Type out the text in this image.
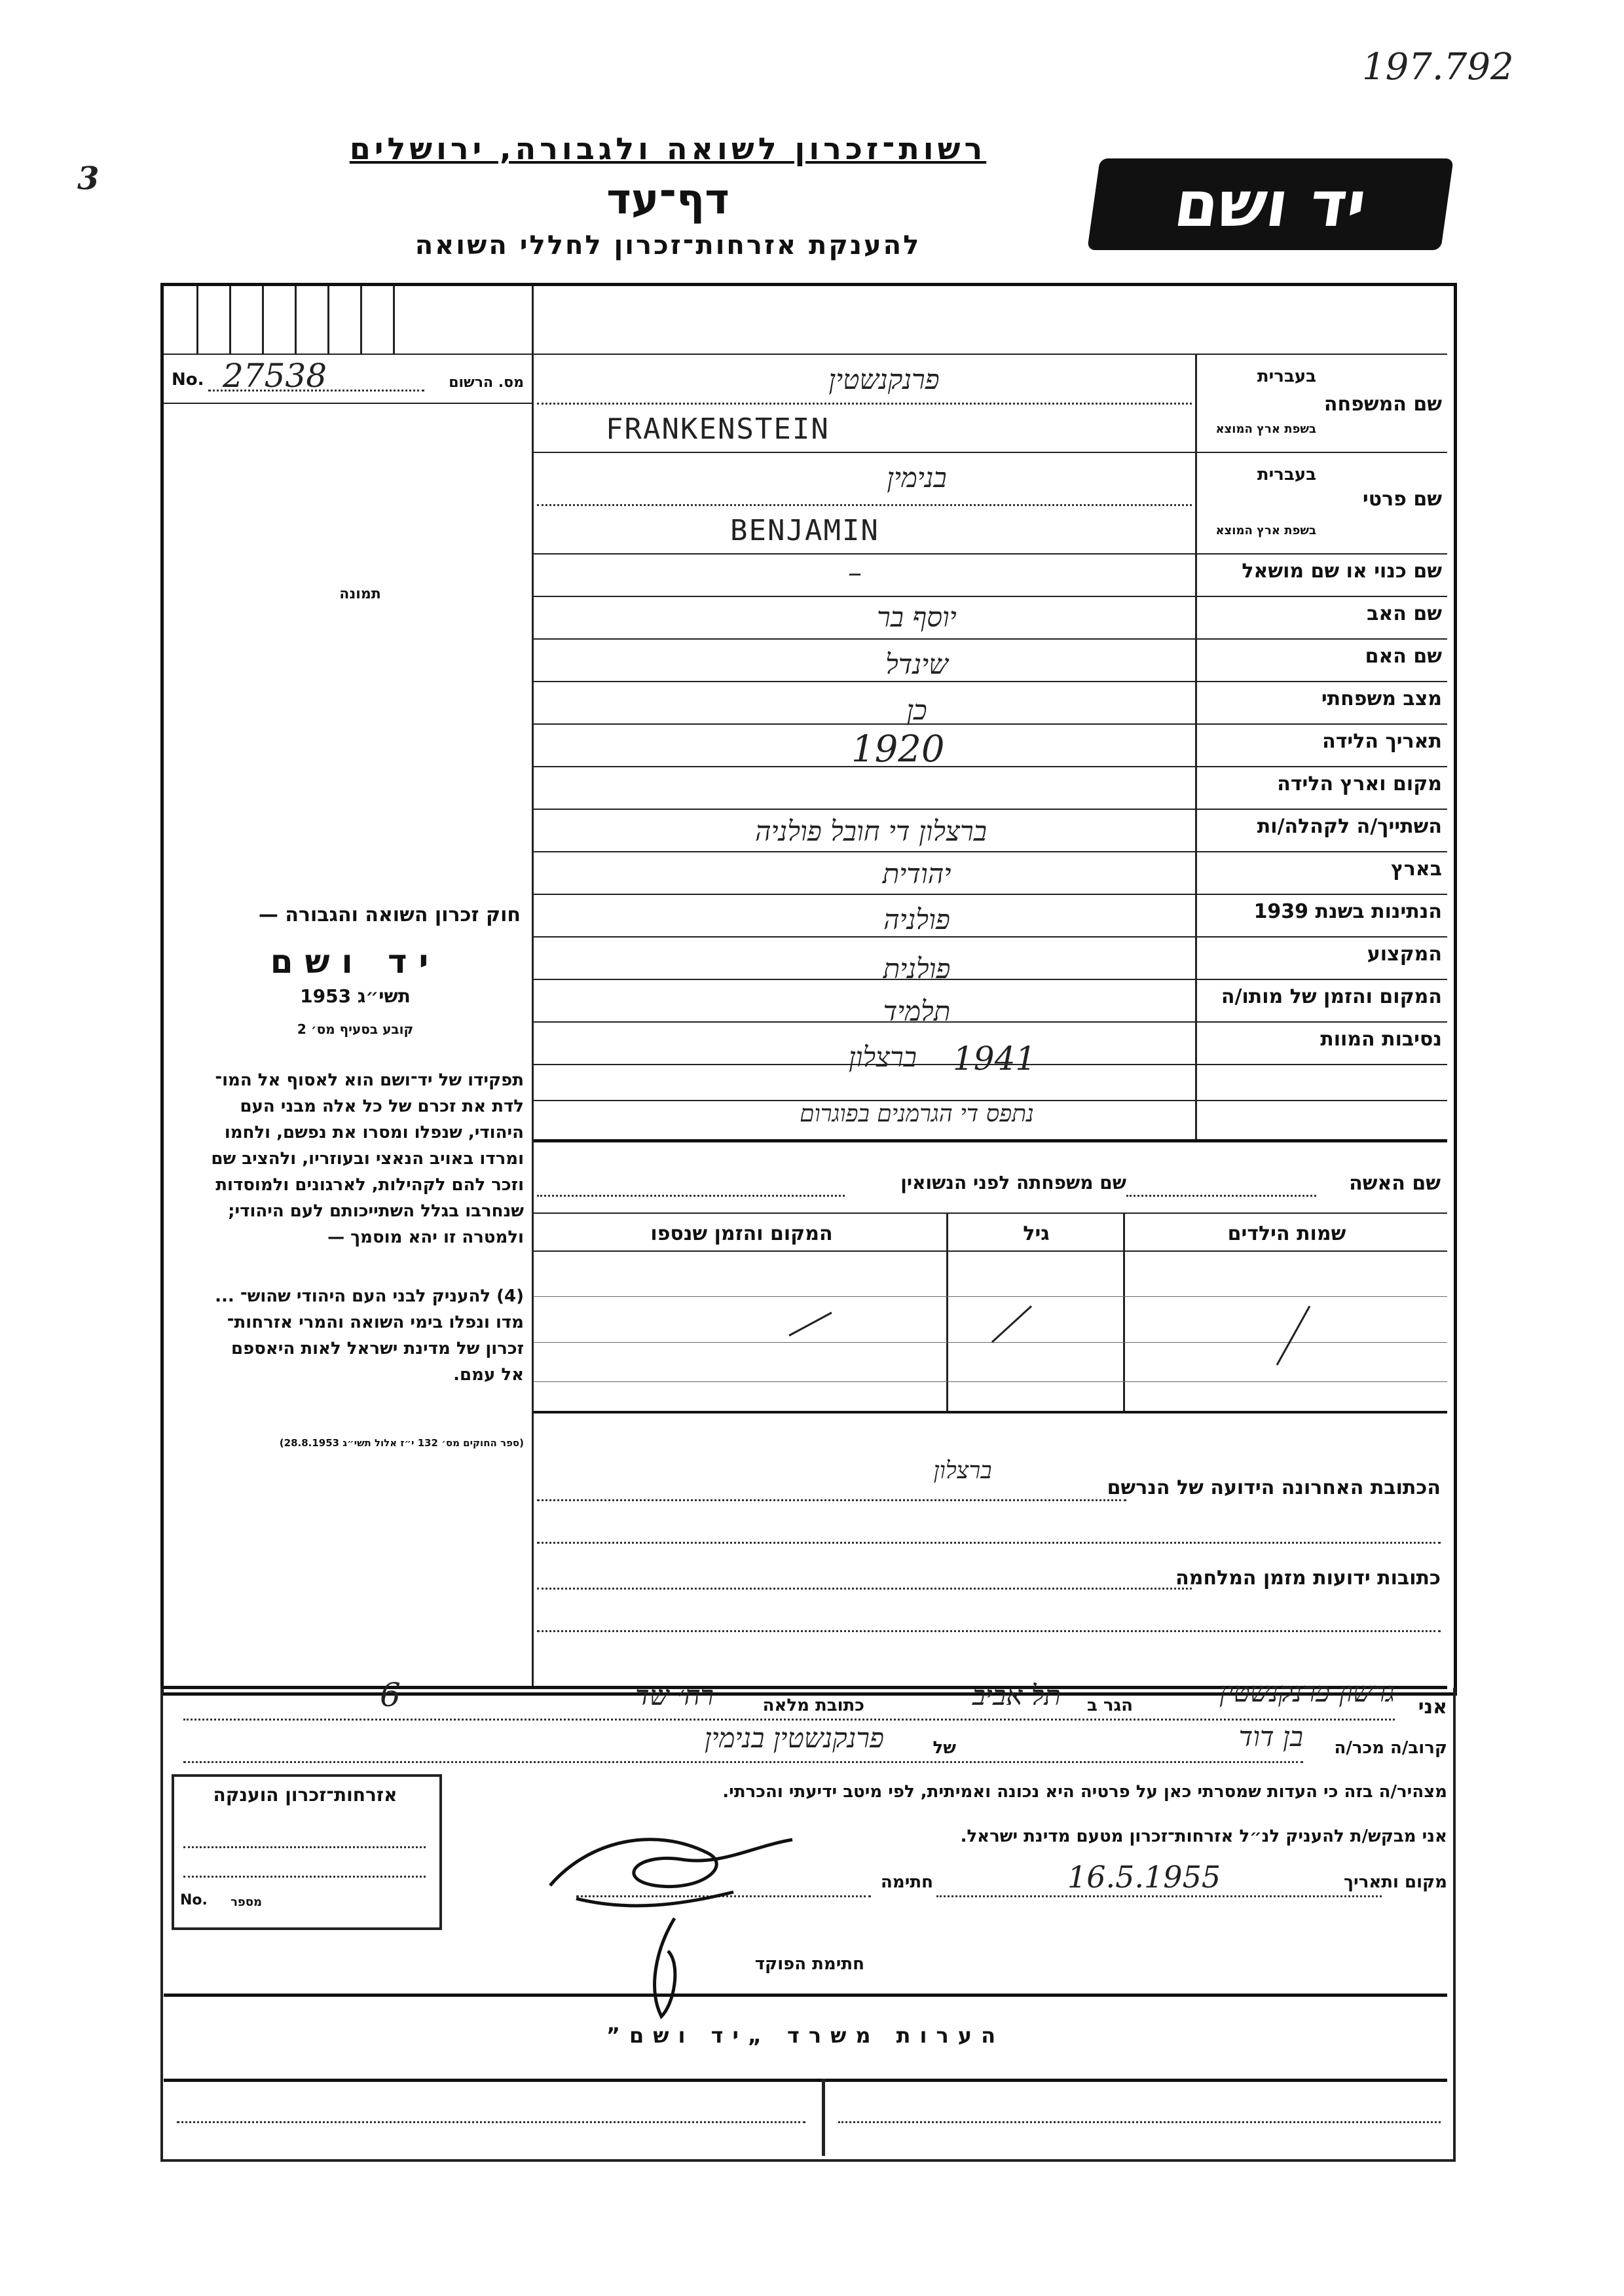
197.792
3
רשות־זכרון לשואה ולגבורה, ירושלים
דף־עד
להענקת אזרחות־זכרון לחללי השואה
יד ושם
No. 27538	מס. הרשום
תמונה
שם המשפחה
בעברית
בשפת ארץ המוצא
שם פרטי
בעברית
בשפת ארץ המוצא
שם כנוי או שם מושאל
שם האב
שם האם
מצב משפחתי
תאריך הלידה
מקום וארץ הלידה
השתייך/ה לקהלה/ות
בארץ
הנתינות בשנת 1939
המקצוע
המקום והזמן של מותו/ה
נסיבות המוות
פרנקנשטין
FRANKENSTEIN
בנימין
BENJAMIN
–
יוסף בר
שינדל
כן
1920
ברצלון די חובל פולניה
יהודית
פולניה
פולנית
תלמיד
ברצלון 1941
נתפס די הגרמנים בפוגרום
שם האשה
שם משפחתה לפני הנשואין
שמות הילדים
גיל
המקום והזמן שנספו
הכתובת האחרונה הידועה של הנרשם
ברצלון
כתובות ידועות מזמן המלחמה
חוק זכרון השואה והגבורה —
יד ושם
תשי״ג 1953
קובע בסעיף מס׳ 2
תפקידו של יד־ושם הוא לאסוף אל המו־
לדת את זכרם של כל אלה מבני העם
היהודי, שנפלו ומסרו את נפשם, ולחמו
ומרדו באויב הנאצי ובעוזריו, ולהציב שם
וזכר להם לקהילות, לארגונים ולמוסדות
שנחרבו בגלל השתייכותם לעם היהודי;
ולמטרה זו יהא מוסמך —
(4) להעניק לבני העם היהודי שהוש־ ...
מדו ונפלו בימי השואה והמרי אזרחות־
זכרון של מדינת ישראל לאות היאספם
אל עמם.
(ספר החוקים מס׳ 132 י״ז אלול תשי״ג 28.8.1953)
אני
גרשון פרנקנשטין
הגר ב
תל אביב
כתובת מלאה
רח׳ שד
6
קרוב/ה מכר/ה
בן דוד
של
פרנקנשטין בנימין
מצהיר/ה בזה כי העדות שמסרתי כאן על פרטיה היא נכונה ואמיתית, לפי מיטב ידיעתי והכרתי.
אני מבקש/ת להעניק לנ״ל אזרחות־זכרון מטעם מדינת ישראל.
מקום ותאריך
16.5.1955
חתימה
חתימת הפוקד
אזרחות־זכרון הוענקה
No.	מספר
הערות משרד „יד ושם”
